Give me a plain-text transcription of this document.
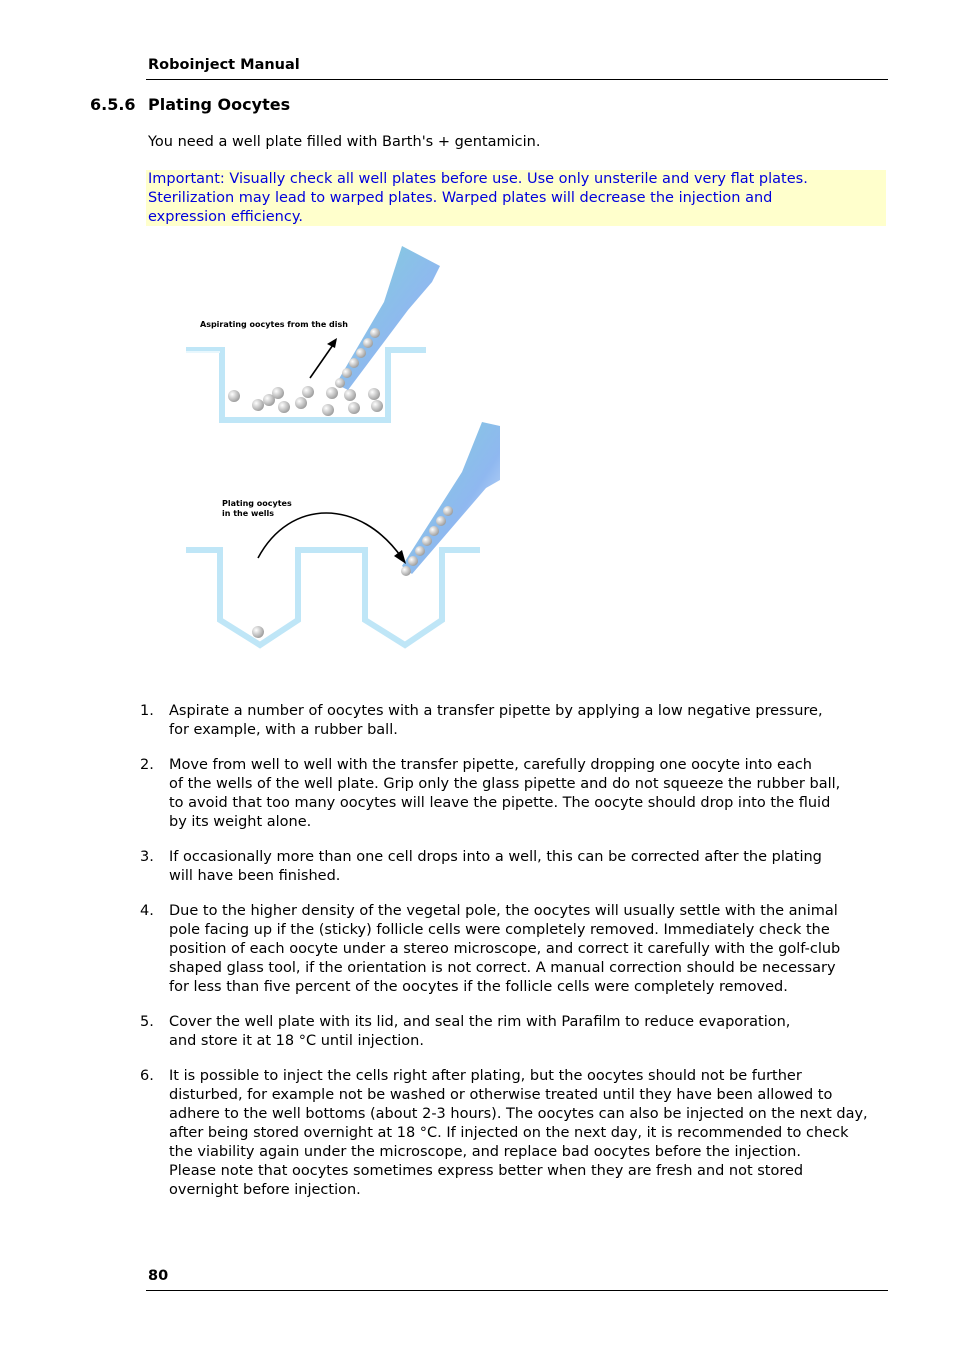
Roboinject Manual
6.5.6 Plating Oocytes
You need a well plate filled with Barth's + gentamicin.

Important: Visually check all well plates before use. Use only unsterile and very flat plates.

Sterilization may lead to warped plates. Warped plates will decrease the injection and

expression efficiency.

Aspirating oocytes from the dish
Plating oocytes
in the wells
1. Aspirate a number of oocytes with a transfer pipette by applying a low negative pressure,
for example, with a rubber ball.
2. Move from well to well with the transfer pipette, carefully dropping one oocyte into each
of the wells of the well plate. Grip only the glass pipette and do not squeeze the rubber ball,
to avoid that too many oocytes will leave the pipette. The oocyte should drop into the fluid
by its weight alone.
3. If occasionally more than one cell drops into a well, this can be corrected after the plating
will have been finished.
4. Due to the higher density of the vegetal pole, the oocytes will usually settle with the animal
pole facing up if the (sticky) follicle cells were completely removed. Immediately check the
position of each oocyte under a stereo microscope, and correct it carefully with the golf-club
shaped glass tool, if the orientation is not correct. A manual correction should be necessary
for less than five percent of the oocytes if the follicle cells were completely removed.
5. Cover the well plate with its lid, and seal the rim with Parafilm to reduce evaporation,
and store it at 18 °C until injection.
6. It is possible to inject the cells right after plating, but the oocytes should not be further
disturbed, for example not be washed or otherwise treated until they have been allowed to
adhere to the well bottoms (about 2-3 hours). The oocytes can also be injected on the next day,
after being stored overnight at 18 °C. If injected on the next day, it is recommended to check
the viability again under the microscope, and replace bad oocytes before the injection.
Please note that oocytes sometimes express better when they are fresh and not stored
overnight before injection.
80
